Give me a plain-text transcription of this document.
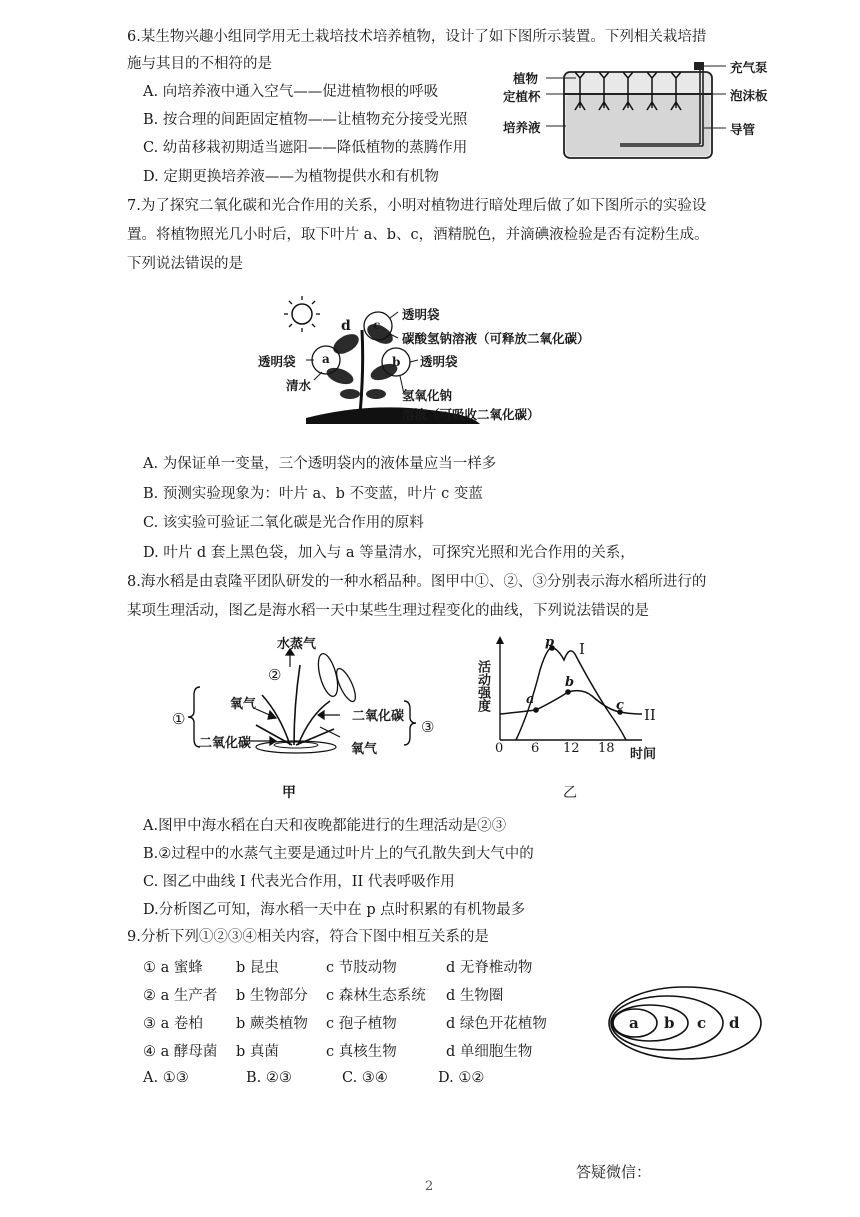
6.某生物兴趣小组同学用无土栽培技术培养植物，设计了如下图所示装置。下列相关栽培措
施与其目的不相符的是
A. 向培养液中通入空气——促进植物根的呼吸
B. 按合理的间距固定植物——让植物充分接受光照
C. 幼苗移栽初期适当遮阳——降低植物的蒸腾作用
D. 定期更换培养液——为植物提供水和有机物
植物
定植杯
培养液
充气泵
泡沫板
导管
7.为了探究二氧化碳和光合作用的关系，小明对植物进行暗处理后做了如下图所示的实验设
置。将植物照光几小时后，取下叶片 a、b、c，酒精脱色，并滴碘液检验是否有淀粉生成。
下列说法错误的是
d c
a	b
透明袋
碳酸氢钠溶液（可释放二氧化碳）
透明袋	透明袋
清水
氢氧化钠
溶液（可吸收二氧化碳）
A. 为保证单一变量，三个透明袋内的液体量应当一样多
B. 预测实验现象为：叶片 a、b 不变蓝，叶片 c 变蓝
C. 该实验可验证二氧化碳是光合作用的原料
D. 叶片 d 套上黑色袋，加入与 a 等量清水，可探究光照和光合作用的关系，
8.海水稻是由袁隆平团队研发的一种水稻品种。图甲中①、②、③分别表示海水稻所进行的
某项生理活动，图乙是海水稻一天中某些生理过程变化的曲线，下列说法错误的是
水蒸气
②
氧气
二氧化碳
①
二氧化碳	氧气
③
甲
活动强度
时间
0 6 12 18
I
II
p
a
b
c
乙
A.图甲中海水稻在白天和夜晚都能进行的生理活动是②③
B.②过程中的水蒸气主要是通过叶片上的气孔散失到大气中的
C. 图乙中曲线 I 代表光合作用，II 代表呼吸作用
D.分析图乙可知，海水稻一天中在 p 点时积累的有机物最多
9.分析下列①②③④相关内容，符合下图中相互关系的是
① a 蜜蜂 b 昆虫	c 节肢动物	d 无脊椎动物
② a 生产者 b 生物部分 c 森林生态系统 d 生物圈
③ a 卷柏 b 蕨类植物 c 孢子植物	d 绿色开花植物
④ a 酵母菌 b 真菌	c 真核生物	d 单细胞生物
A. ①③	B. ②③	C. ③④	D. ①②
a b c d
2
答疑微信：
